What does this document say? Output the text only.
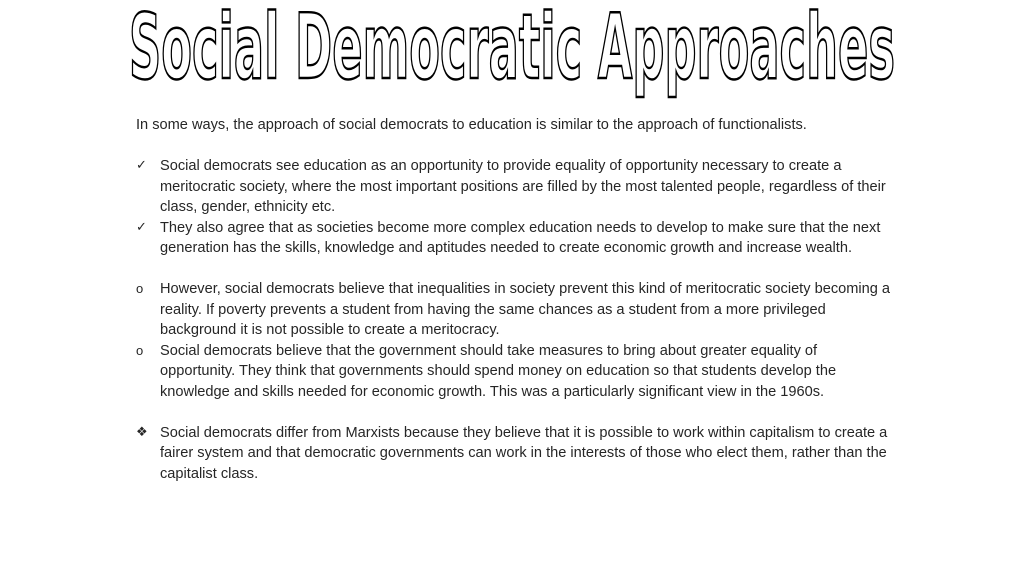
Social Democratic Approaches

In some ways, the approach of social democrats to education is similar to the approach of functionalists.

✓ Social democrats see education as an opportunity to provide equality of opportunity necessary to create a meritocratic society, where the most important positions are filled by the most talented people, regardless of their class, gender, ethnicity etc.
✓ They also agree that as societies become more complex education needs to develop to make sure that the next generation has the skills, knowledge and aptitudes needed to create economic growth and increase wealth.
o	However, social democrats believe that inequalities in society prevent this kind of meritocratic society becoming a reality. If poverty prevents a student from having the same chances as a student from a more privileged background it is not possible to create a meritocracy.
o	Social democrats believe that the government should take measures to bring about greater equality of opportunity. They think that governments should spend money on education so that students develop the knowledge and skills needed for economic growth. This was a particularly significant view in the 1960s.
❖ Social democrats differ from Marxists because they believe that it is possible to work within capitalism to create a fairer system and that democratic governments can work in the interests of those who elect them, rather than the capitalist class.
